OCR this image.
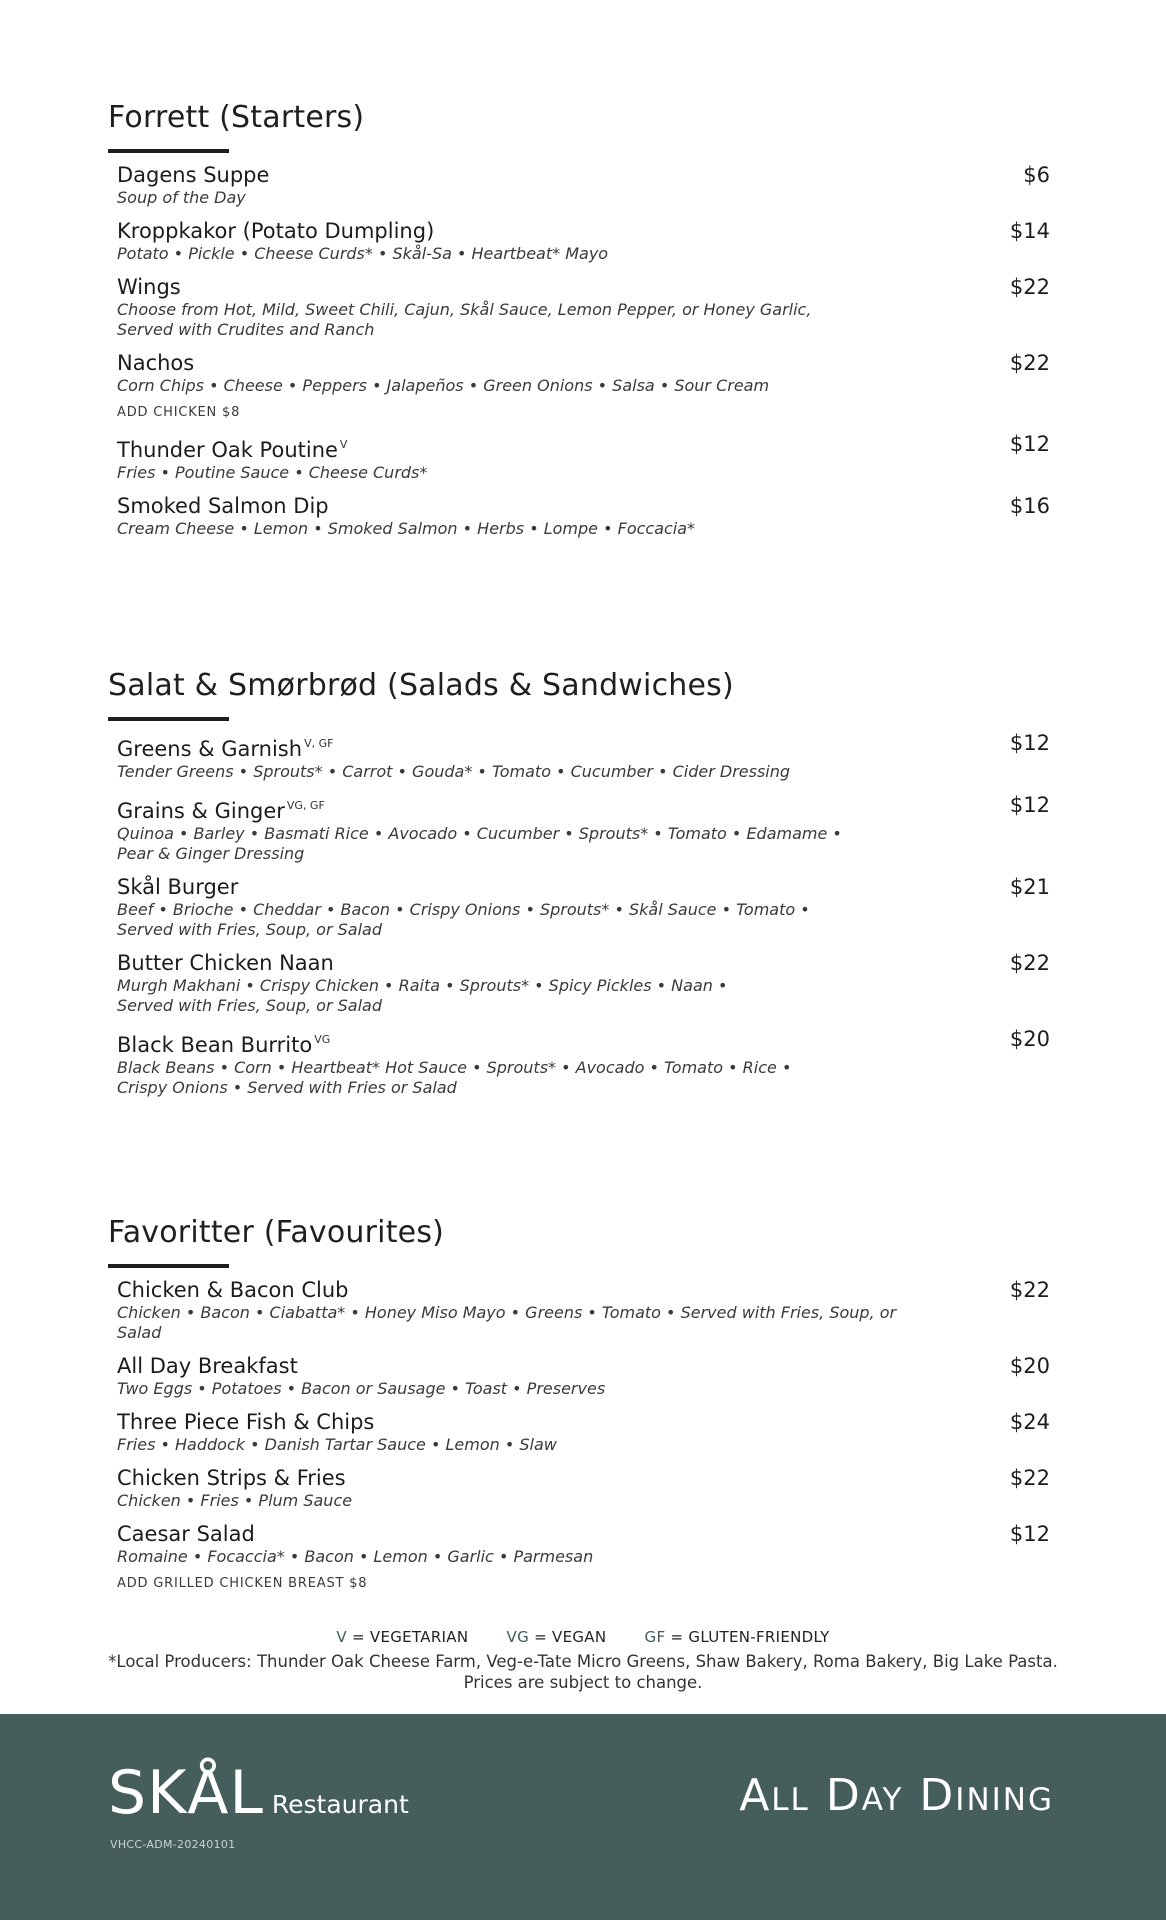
Forrett (Starters)
Dagens Suppe	$6
Soup of the Day
Kroppkakor (Potato Dumpling)	$14
Potato • Pickle • Cheese Curds* • Skål-Sa • Heartbeat* Mayo
Wings	$22
Choose from Hot, Mild, Sweet Chili, Cajun, Skål Sauce, Lemon Pepper, or Honey Garlic,
Served with Crudites and Ranch
Nachos	$22
Corn Chips • Cheese • Peppers • Jalapeños • Green Onions • Salsa • Sour Cream
ADD CHICKEN $8
Thunder Oak Poutine $^V$	$12
Fries • Poutine Sauce • Cheese Curds*
Smoked Salmon Dip	$16
Cream Cheese • Lemon • Smoked Salmon • Herbs • Lompe • Foccacia*
Salat & Smørbrød (Salads & Sandwiches)
Greens & Garnish $^{V, GF}$	$12
Tender Greens • Sprouts* • Carrot • Gouda* • Tomato • Cucumber • Cider Dressing
Grains & Ginger $^{VG, GF}$	$12
Quinoa • Barley • Basmati Rice • Avocado • Cucumber • Sprouts* • Tomato • Edamame •
Pear & Ginger Dressing
Skål Burger	$21
Beef • Brioche • Cheddar • Bacon • Crispy Onions • Sprouts* • Skål Sauce • Tomato •
Served with Fries, Soup, or Salad
Butter Chicken Naan	$22
Murgh Makhani • Crispy Chicken • Raita • Sprouts* • Spicy Pickles • Naan •
Served with Fries, Soup, or Salad
Black Bean Burrito $^{VG}$	$20
Black Beans • Corn • Heartbeat* Hot Sauce • Sprouts* • Avocado • Tomato • Rice •
Crispy Onions • Served with Fries or Salad
Favoritter (Favourites)
Chicken & Bacon Club	$22
Chicken • Bacon • Ciabatta* • Honey Miso Mayo • Greens • Tomato • Served with Fries, Soup, or Salad
All Day Breakfast	$20
Two Eggs • Potatoes • Bacon or Sausage • Toast • Preserves
Three Piece Fish & Chips	$24
Fries • Haddock • Danish Tartar Sauce • Lemon • Slaw
Chicken Strips & Fries	$22
Chicken • Fries • Plum Sauce
Caesar Salad	$12
Romaine • Focaccia* • Bacon • Lemon • Garlic • Parmesan
ADD GRILLED CHICKEN BREAST $8
V = VEGETARIAN	VG = VEGAN	GF = GLUTEN-FRIENDLY
*Local Producers: Thunder Oak Cheese Farm, Veg-e-Tate Micro Greens, Shaw Bakery, Roma Bakery, Big Lake Pasta.
Prices are subject to change.
SKÅL Restaurant
VHCC-ADM-20240101
All Day Dining
